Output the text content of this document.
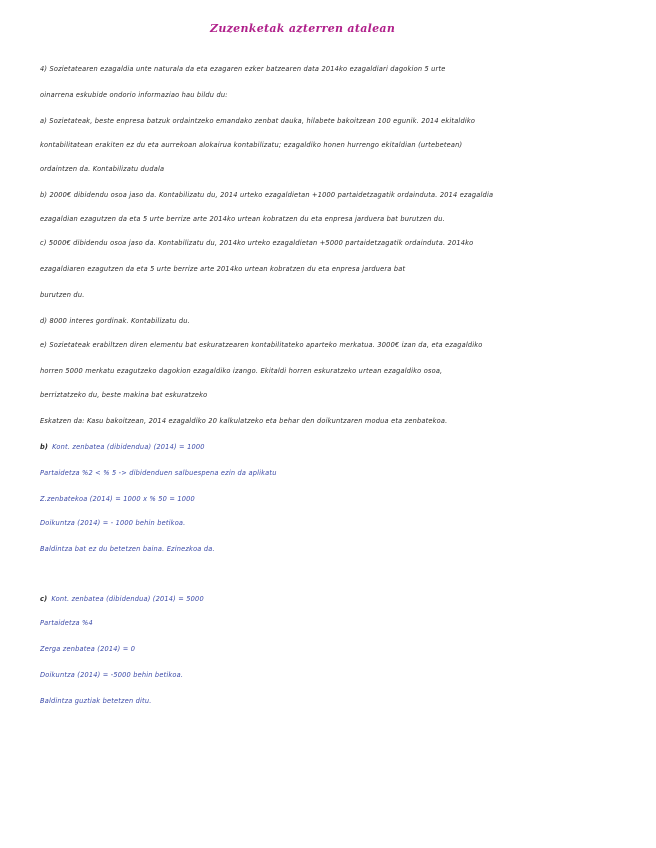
Zuzenketak azterren atalean
4) Sozietatearen ezagaldia unte naturala da eta ezagaren ezker batzearen data 2014ko ezagaldiari dagokion 5 urte
oinarrena eskubide ondorio informaziao hau bildu du:
a) Sozietateak, beste enpresa batzuk ordaintzeko emandako zenbat dauka, hilabete bakoitzean 100 egunik. 2014 ekitaldiko
kontabilitatean erakiten ez du eta aurrekoan alokairua kontabilizatu; ezagaldiko honen hurrengo ekitaldian (urtebetean)
ordaintzen da. Kontabilizatu dudala
b) 2000€ dibidendu osoa jaso da. Kontabilizatu du, 2014 urteko ezagaldietan +1000 partaidetzagatik ordainduta. 2014 ezagaldia
ezagaldian ezagutzen da eta 5 urte berrize arte 2014ko urtean kobratzen du eta enpresa jarduera bat burutzen du.
c) 5000€ dibidendu osoa jaso da. Kontabilizatu du, 2014ko urteko ezagaldietan +5000 partaidetzagatik ordainduta. 2014ko
ezagaldiaren ezagutzen da eta 5 urte berrize arte 2014ko urtean kobratzen du eta enpresa jarduera bat
burutzen du.
d) 8000 interes gordinak. Kontabilizatu du.
e) Sozietateak erabiltzen diren elementu bat eskuratzearen kontabilitateko aparteko merkatua. 3000€ izan da, eta ezagaldiko
horren 5000 merkatu ezagutzeko dagokion ezagaldiko izango. Ekitaldi horren eskuratzeko urtean ezagaldiko osoa,
berriztatzeko du, beste makina bat eskuratzeko
Eskatzen da: Kasu bakoitzean, 2014 ezagaldiko 20 kalkulatzeko eta behar den doikuntzaren modua eta zenbatekoa.
b) Kont. zenbatea (dibidendua) (2014) = 1000
Partaidetza %2 < % 5 -> dibidenduen salbuespena ezin da aplikatu
Z.zenbatekoa (2014) = 1000 x % 50 = 1000
Doikuntza (2014) = - 1000 behin betikoa.
Baldintza bat ez du betetzen baina. Ezinezkoa da.
c) Kont. zenbatea (dibidendua) (2014) = 5000
Partaidetza %4
Zerga zenbatea (2014) = 0
Doikuntza (2014) = -5000 behin betikoa.
Baldintza guztiak betetzen ditu.
